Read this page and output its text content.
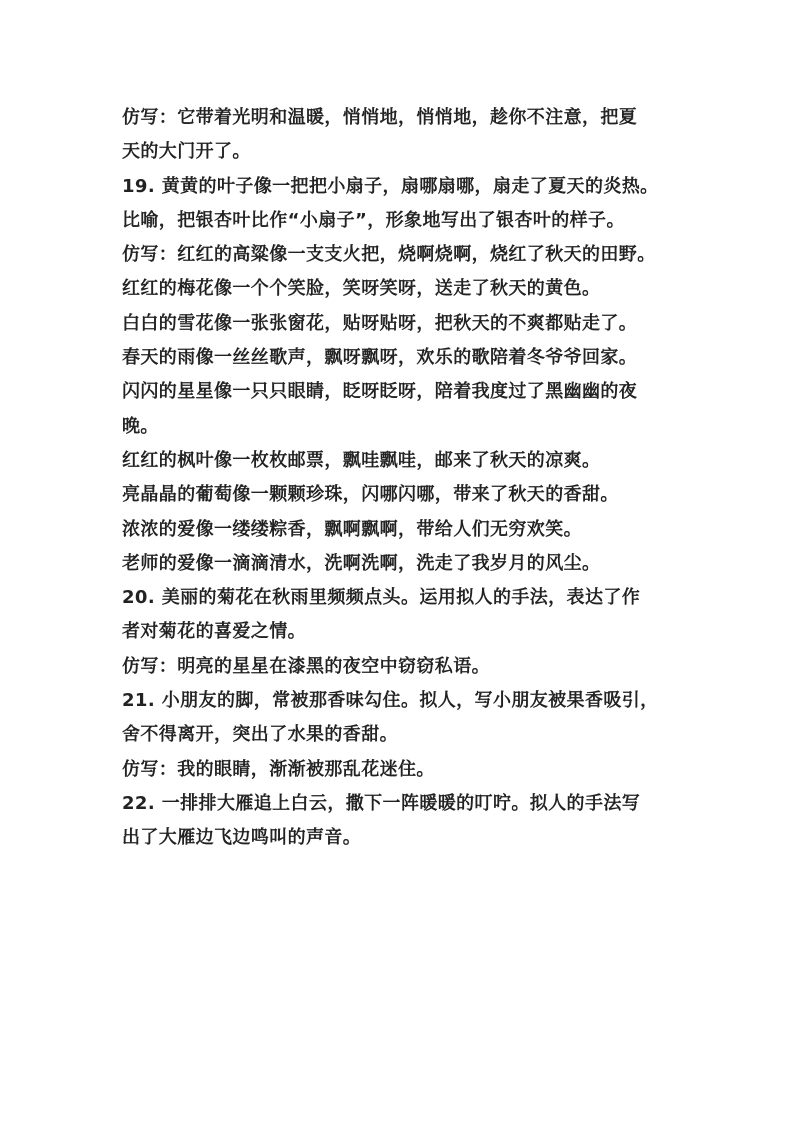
仿写：它带着光明和温暖，悄悄地，悄悄地，趁你不注意，把夏
天的大门开了。
19. 黄黄的叶子像一把把小扇子，扇哪扇哪，扇走了夏天的炎热。
比喻，把银杏叶比作“小扇子”，形象地写出了银杏叶的样子。
仿写：红红的高粱像一支支火把，烧啊烧啊，烧红了秋天的田野。
红红的梅花像一个个笑脸，笑呀笑呀，送走了秋天的黄色。
白白的雪花像一张张窗花，贴呀贴呀，把秋天的不爽都贴走了。
春天的雨像一丝丝歌声，飘呀飘呀，欢乐的歌陪着冬爷爷回家。
闪闪的星星像一只只眼睛，眨呀眨呀，陪着我度过了黑幽幽的夜
晚。
红红的枫叶像一枚枚邮票，飘哇飘哇，邮来了秋天的凉爽。
亮晶晶的葡萄像一颗颗珍珠，闪哪闪哪，带来了秋天的香甜。
浓浓的爱像一缕缕粽香，飘啊飘啊，带给人们无穷欢笑。
老师的爱像一滴滴清水，洗啊洗啊，洗走了我岁月的风尘。
20. 美丽的菊花在秋雨里频频点头。运用拟人的手法，表达了作
者对菊花的喜爱之情。
仿写：明亮的星星在漆黑的夜空中窃窃私语。
21. 小朋友的脚，常被那香味勾住。拟人，写小朋友被果香吸引，
舍不得离开，突出了水果的香甜。
仿写：我的眼睛，渐渐被那乱花迷住。
22. 一排排大雁追上白云，撒下一阵暖暖的叮咛。拟人的手法写
出了大雁边飞边鸣叫的声音。
